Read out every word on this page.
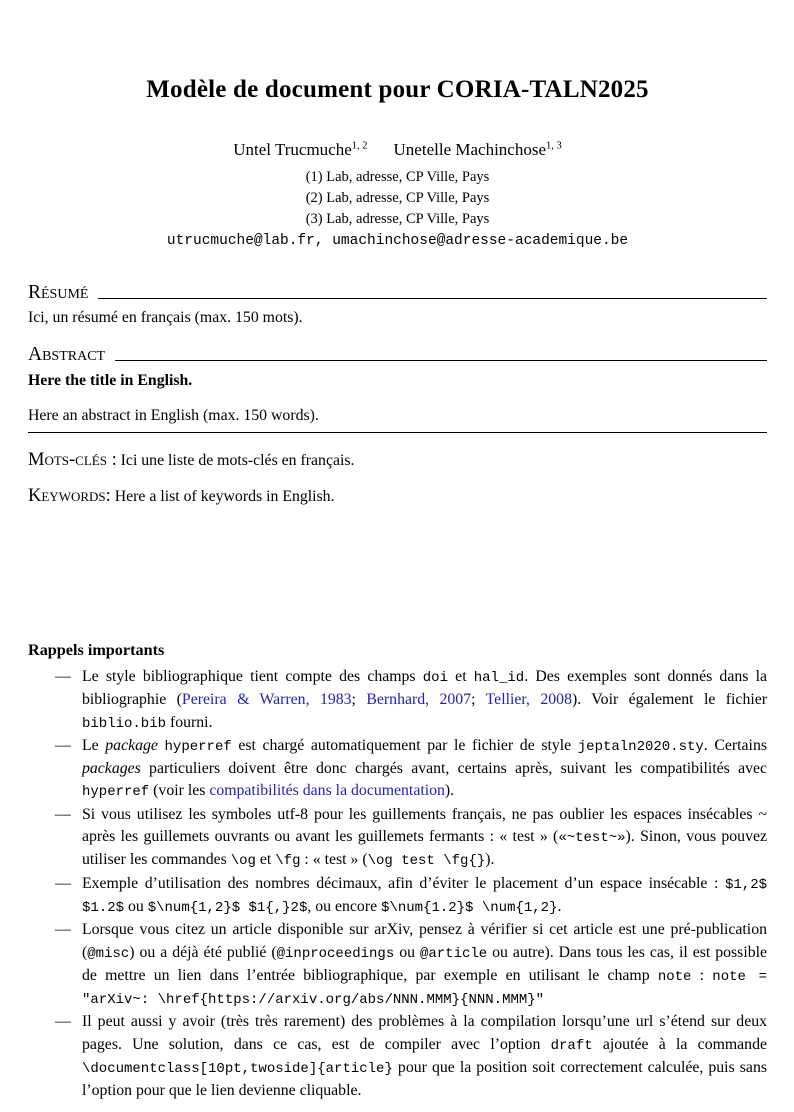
Modèle de document pour CORIA-TALN2025
Untel Trucmuche$^{1, 2}$ Unetelle Machinchose$^{1, 3}$
(1) Lab, adresse, CP Ville, Pays
(2) Lab, adresse, CP Ville, Pays
(3) Lab, adresse, CP Ville, Pays
utrucmuche@lab.fr, umachinchose@adresse-academique.be
Résumé

Ici, un résumé en français (max. 150 mots).

Abstract

Here the title in English.

Here an abstract in English (max. 150 words).

Mots-clés : Ici une liste de mots-clés en français.
Keywords: Here a list of keywords in English.
Rappels importants
— Le style bibliographique tient compte des champs doi et hal_id. Des exemples sont donnés dans la bibliographie (Pereira & Warren, 1983; Bernhard, 2007; Tellier, 2008). Voir également le fichier biblio.bib fourni.
— Le package hyperref est chargé automatiquement par le fichier de style jeptaln2020.sty. Certains packages particuliers doivent être donc chargés avant, certains après, suivant les compatibilités avec hyperref (voir les compatibilités dans la documentation).
— Si vous utilisez les symboles utf-8 pour les guillements français, ne pas oublier les espaces insécables ~ après les guillemets ouvrants ou avant les guillemets fermants : « test » («~test~»). Sinon, vous pouvez utiliser les commandes \og et \fg : « test » (\og test \fg{}).
— Exemple d’utilisation des nombres décimaux, afin d’éviter le placement d’un espace insécable : $1,2$ $1.2$ ou $\num{1,2}$ $1{,}2$, ou encore $\num{1.2}$ \num{1,2}.
— Lorsque vous citez un article disponible sur arXiv, pensez à vérifier si cet article est une pré-publication (@misc) ou a déjà été publié (@inproceedings ou @article ou autre). Dans tous les cas, il est possible de mettre un lien dans l’entrée bibliographique, par exemple en utilisant le champ note : note = "arXiv~: \href{https://arxiv.org/abs/NNN.MMM}{NNN.MMM}"
— Il peut aussi y avoir (très très rarement) des problèmes à la compilation lorsqu’une url s’étend sur deux pages. Une solution, dans ce cas, est de compiler avec l’option draft ajoutée à la commande \documentclass[10pt,twoside]{article} pour que la position soit correctement calculée, puis sans l’option pour que le lien devienne cliquable.
